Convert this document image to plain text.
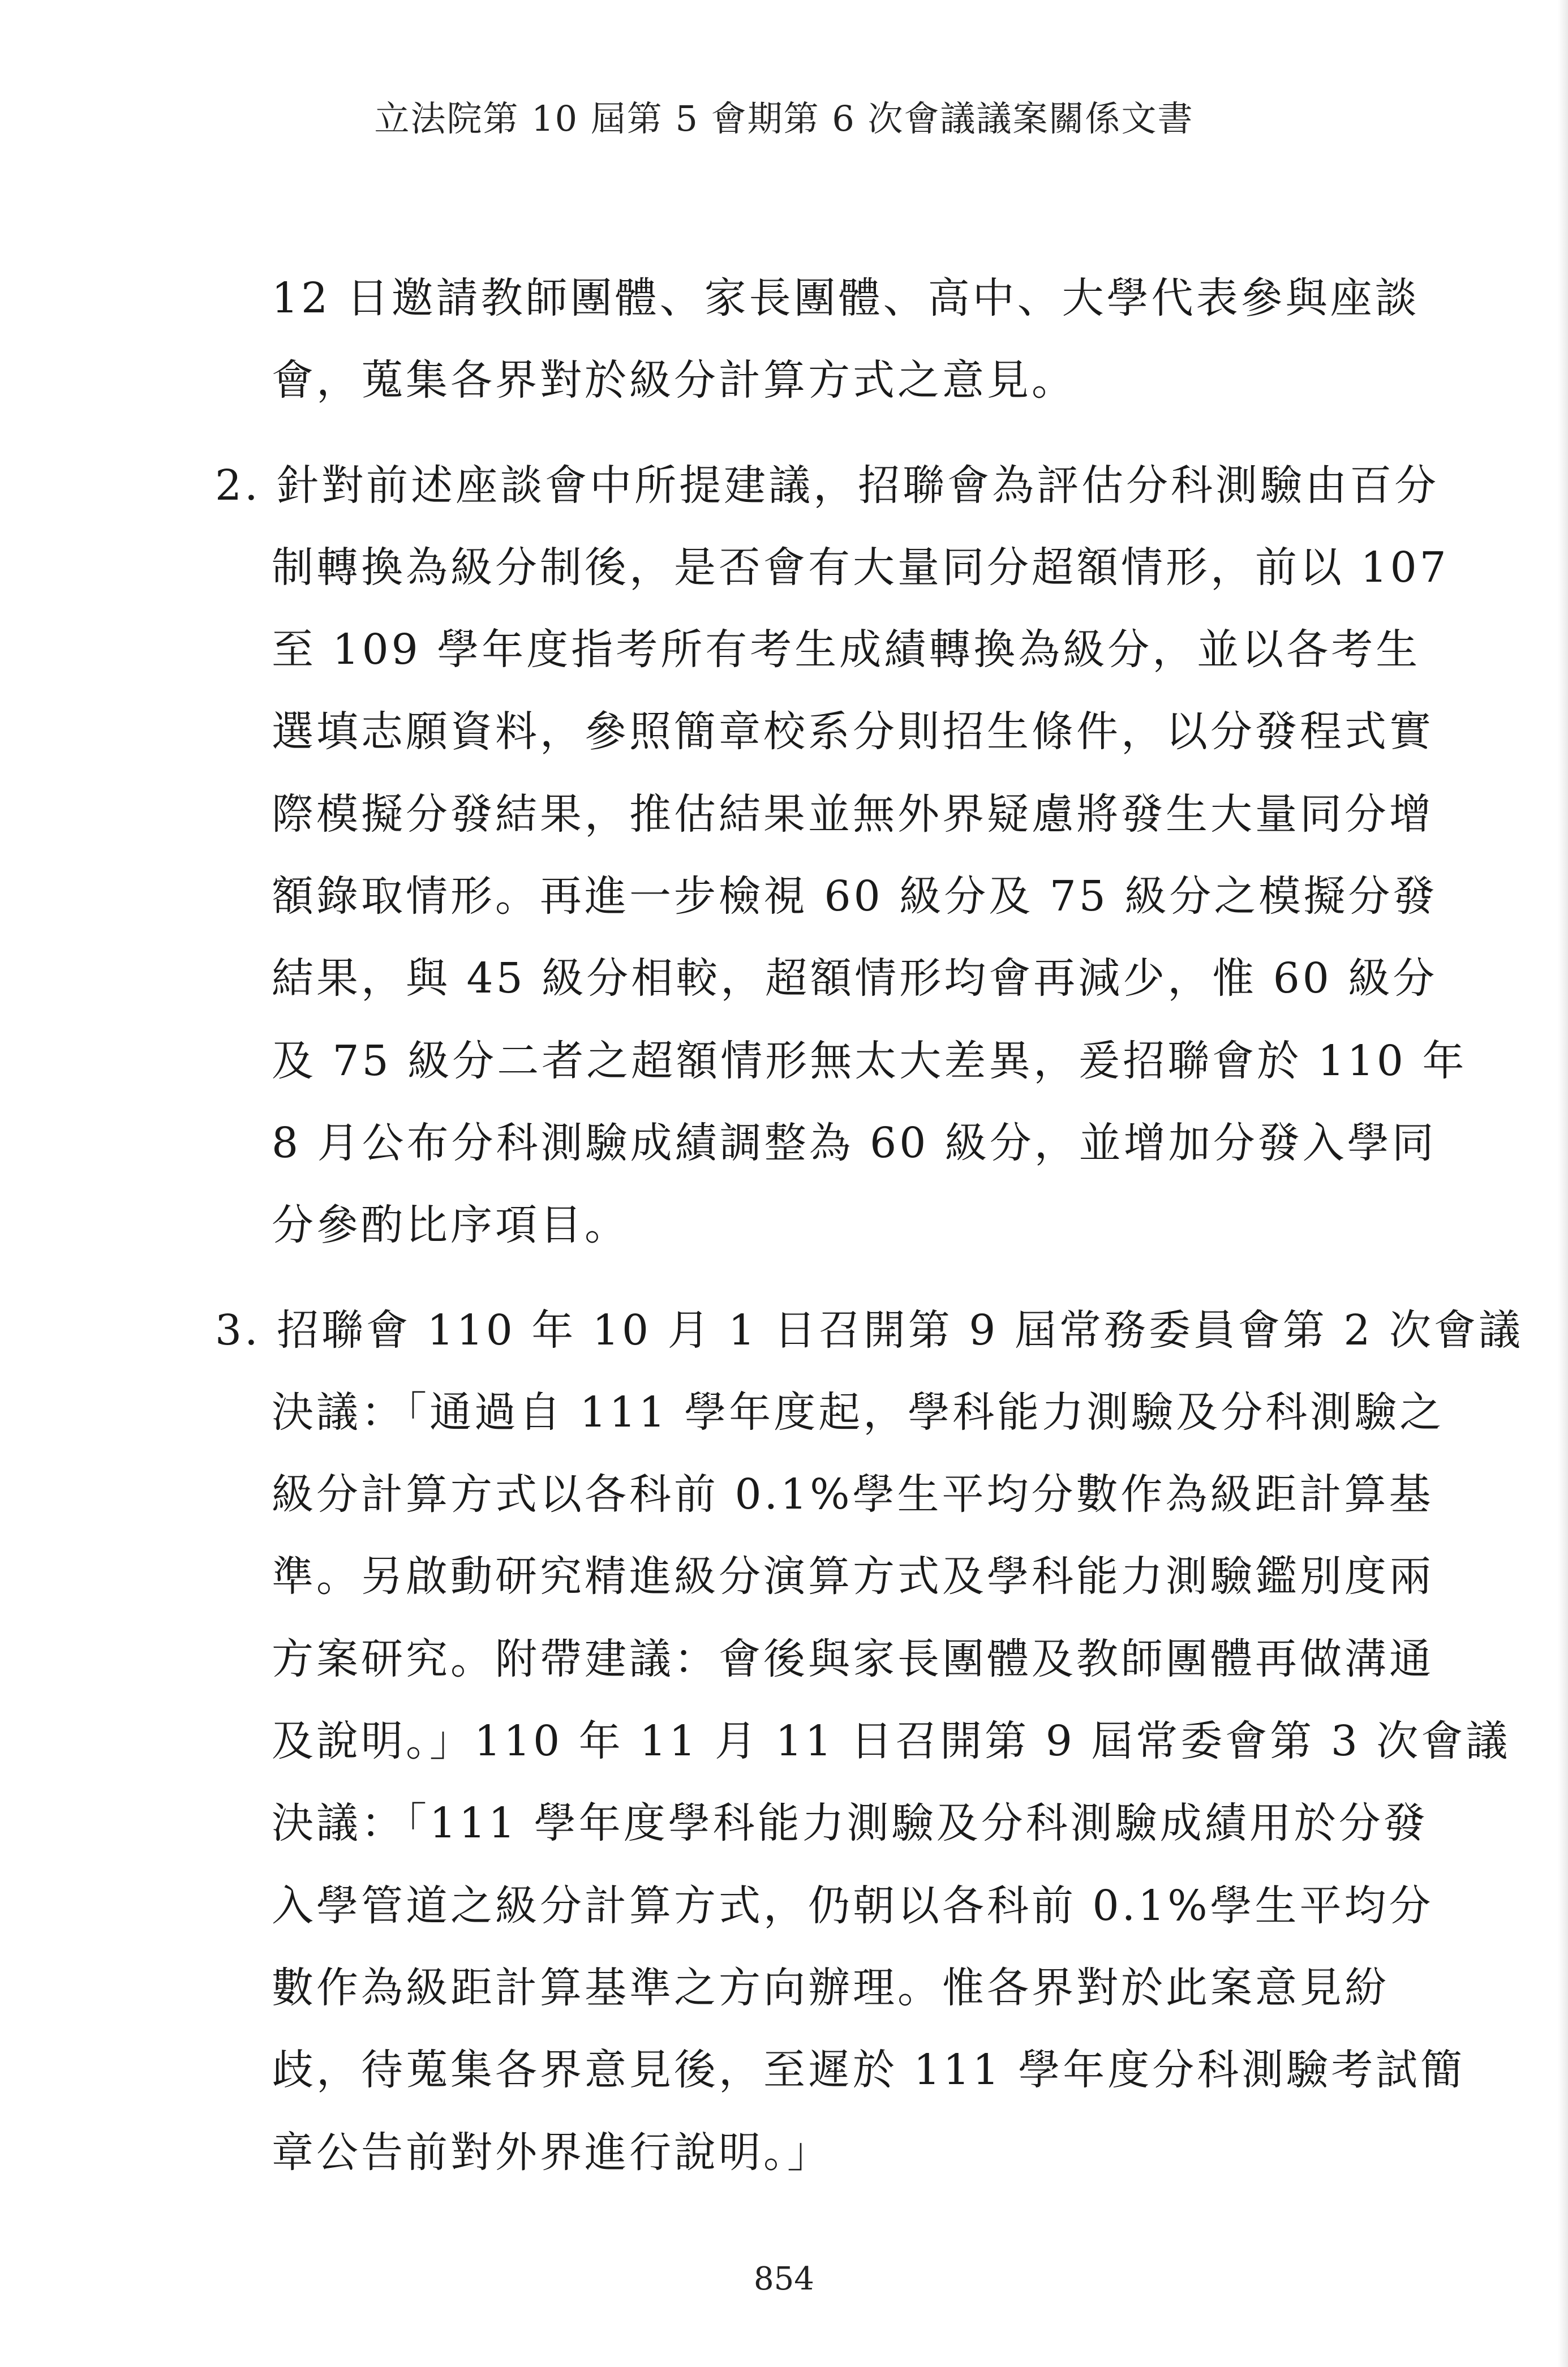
立法院第 10 屆第 5 會期第 6 次會議議案關係文書
12 日邀請教師團體、家長團體、高中、大學代表參與座談
會，蒐集各界對於級分計算方式之意見。
2. 針對前述座談會中所提建議，招聯會為評估分科測驗由百分
制轉換為級分制後，是否會有大量同分超額情形，前以 107
至 109 學年度指考所有考生成績轉換為級分，並以各考生
選填志願資料，參照簡章校系分則招生條件，以分發程式實
際模擬分發結果，推估結果並無外界疑慮將發生大量同分增
額錄取情形。再進一步檢視 60 級分及 75 級分之模擬分發
結果，與 45 級分相較，超額情形均會再減少，惟 60 級分
及 75 級分二者之超額情形無太大差異，爰招聯會於 110 年
8 月公布分科測驗成績調整為 60 級分，並增加分發入學同
分參酌比序項目。
3. 招聯會 110 年 10 月 1 日召開第 9 屆常務委員會第 2 次會議
決議：「通過自 111 學年度起，學科能力測驗及分科測驗之
級分計算方式以各科前 0.1%學生平均分數作為級距計算基
準。另啟動研究精進級分演算方式及學科能力測驗鑑別度兩
方案研究。附帶建議：會後與家長團體及教師團體再做溝通
及說明。」110 年 11 月 11 日召開第 9 屆常委會第 3 次會議
決議：「111 學年度學科能力測驗及分科測驗成績用於分發
入學管道之級分計算方式，仍朝以各科前 0.1%學生平均分
數作為級距計算基準之方向辦理。惟各界對於此案意見紛
歧，待蒐集各界意見後，至遲於 111 學年度分科測驗考試簡
章公告前對外界進行說明。」
854
